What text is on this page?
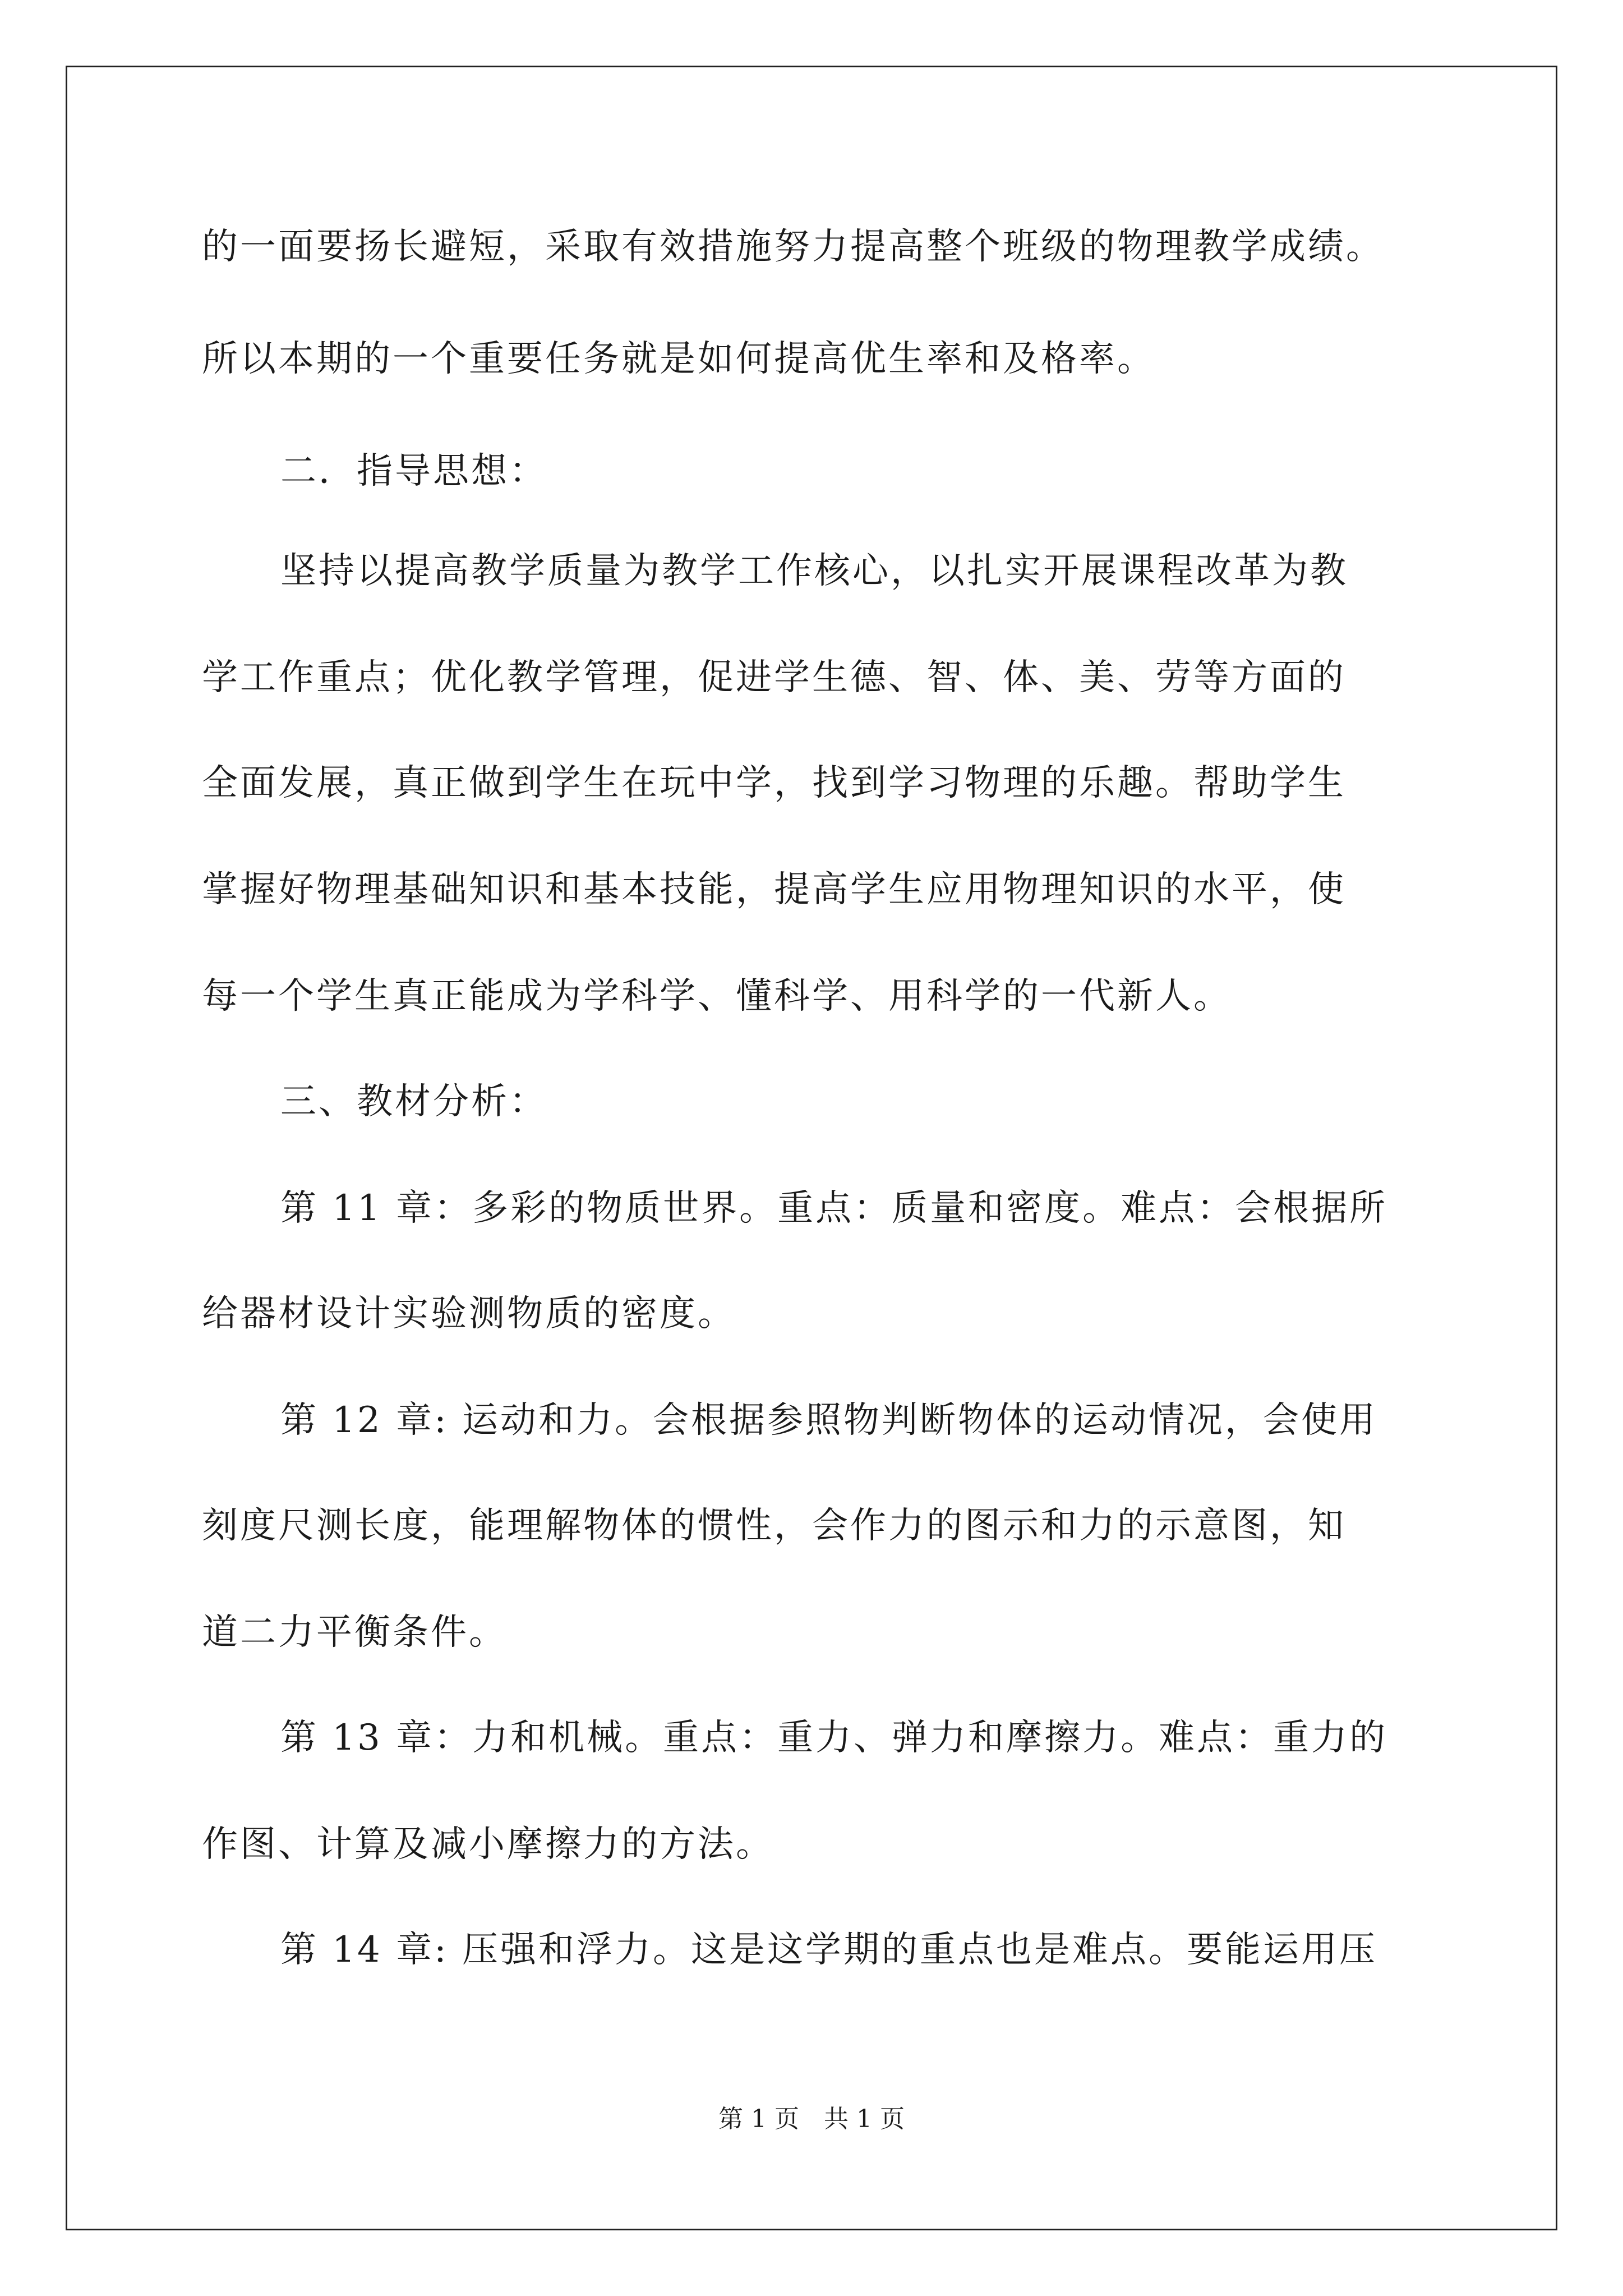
的一面要扬长避短，采取有效措施努力提高整个班级的物理教学成绩。
所以本期的一个重要任务就是如何提高优生率和及格率。
二．指导思想：
坚持以提高教学质量为教学工作核心，以扎实开展课程改革为教
学工作重点；优化教学管理，促进学生德、智、体、美、劳等方面的
全面发展，真正做到学生在玩中学，找到学习物理的乐趣。帮助学生
掌握好物理基础知识和基本技能，提高学生应用物理知识的水平，使
每一个学生真正能成为学科学、懂科学、用科学的一代新人。
三、教材分析：
第 11 章：多彩的物质世界。重点：质量和密度。难点：会根据所
给器材设计实验测物质的密度。
第 12 章: 运动和力。会根据参照物判断物体的运动情况，会使用
刻度尺测长度，能理解物体的惯性，会作力的图示和力的示意图，知
道二力平衡条件。
第 13 章：力和机械。重点：重力、弹力和摩擦力。难点：重力的
作图、计算及减小摩擦力的方法。
第 14 章: 压强和浮力。这是这学期的重点也是难点。要能运用压
第 1 页　共 1 页
